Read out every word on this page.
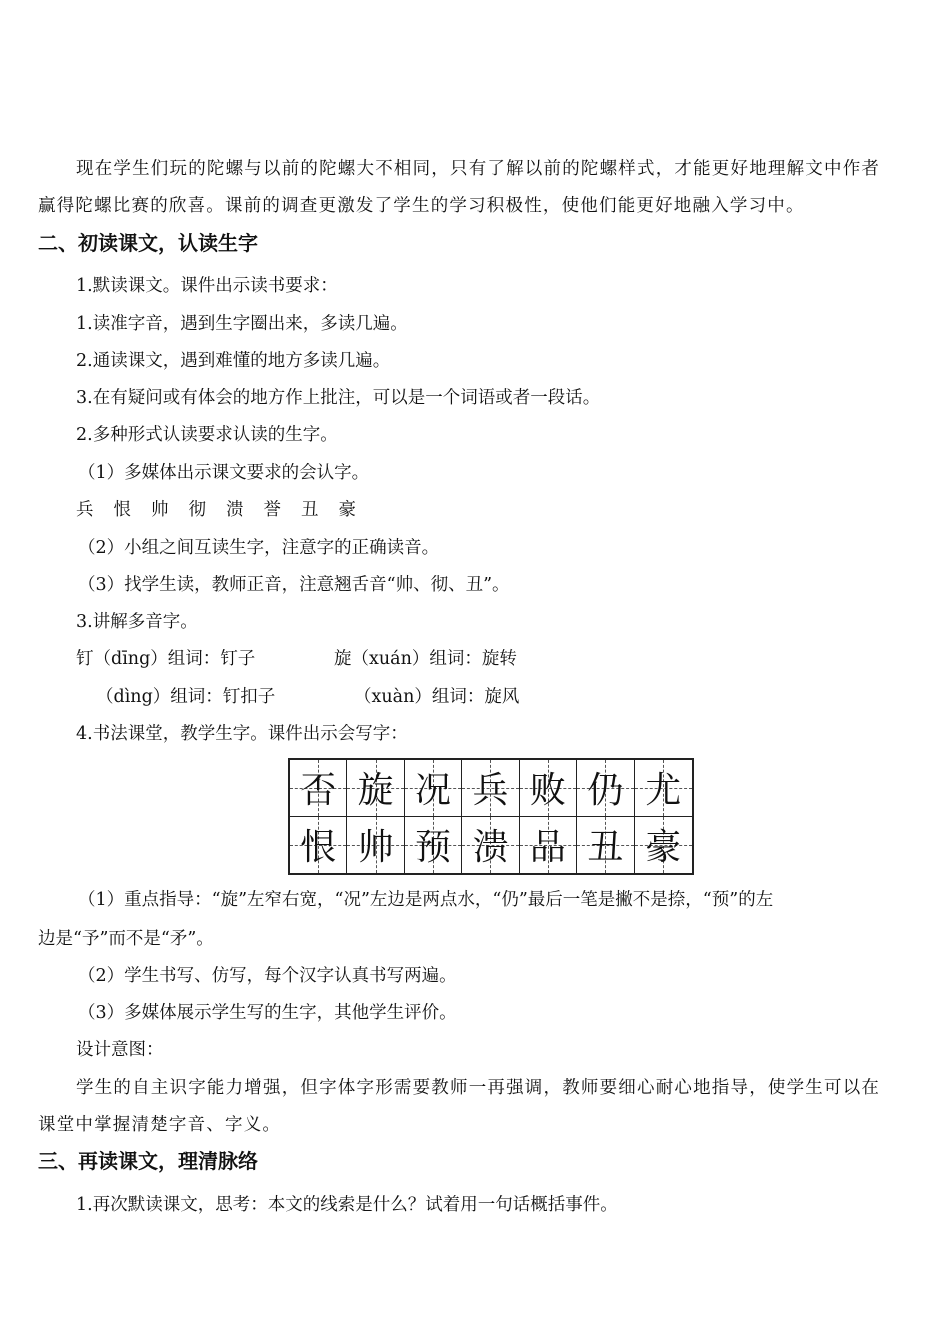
现在学生们玩的陀螺与以前的陀螺大不相同，只有了解以前的陀螺样式，才能更好地理解文中作者
赢得陀螺比赛的欣喜。课前的调查更激发了学生的学习积极性，使他们能更好地融入学习中。
二、初读课文，认读生字
1.默读课文。课件出示读书要求：
1.读准字音，遇到生字圈出来，多读几遍。
2.通读课文，遇到难懂的地方多读几遍。
3.在有疑问或有体会的地方作上批注，可以是一个词语或者一段话。
2.多种形式认读要求认读的生字。
（1）多媒体出示课文要求的会认字。
兵 恨 帅 彻 溃 誉 丑 豪
（2）小组之间互读生字，注意字的正确读音。
（3）找学生读，教师正音，注意翘舌音“帅、彻、丑”。
3.讲解多音字。
钉（dīng）组词：钉子	旋（xuán）组词：旋转
（dìng）组词：钉扣子	（xuàn）组词：旋风
4.书法课堂，教学生字。课件出示会写字：
否 旋 况 兵 败 仍 尤
恨 帅 预 溃 品 丑 豪
（1）重点指导：“旋”左窄右宽，“况”左边是两点水，“仍”最后一笔是撇不是捺，“预”的左
边是“予”而不是“矛”。
（2）学生书写、仿写，每个汉字认真书写两遍。
（3）多媒体展示学生写的生字，其他学生评价。
设计意图：
学生的自主识字能力增强，但字体字形需要教师一再强调，教师要细心耐心地指导，使学生可以在
课堂中掌握清楚字音、字义。
三、再读课文，理清脉络
1.再次默读课文，思考：本文的线索是什么？试着用一句话概括事件。
